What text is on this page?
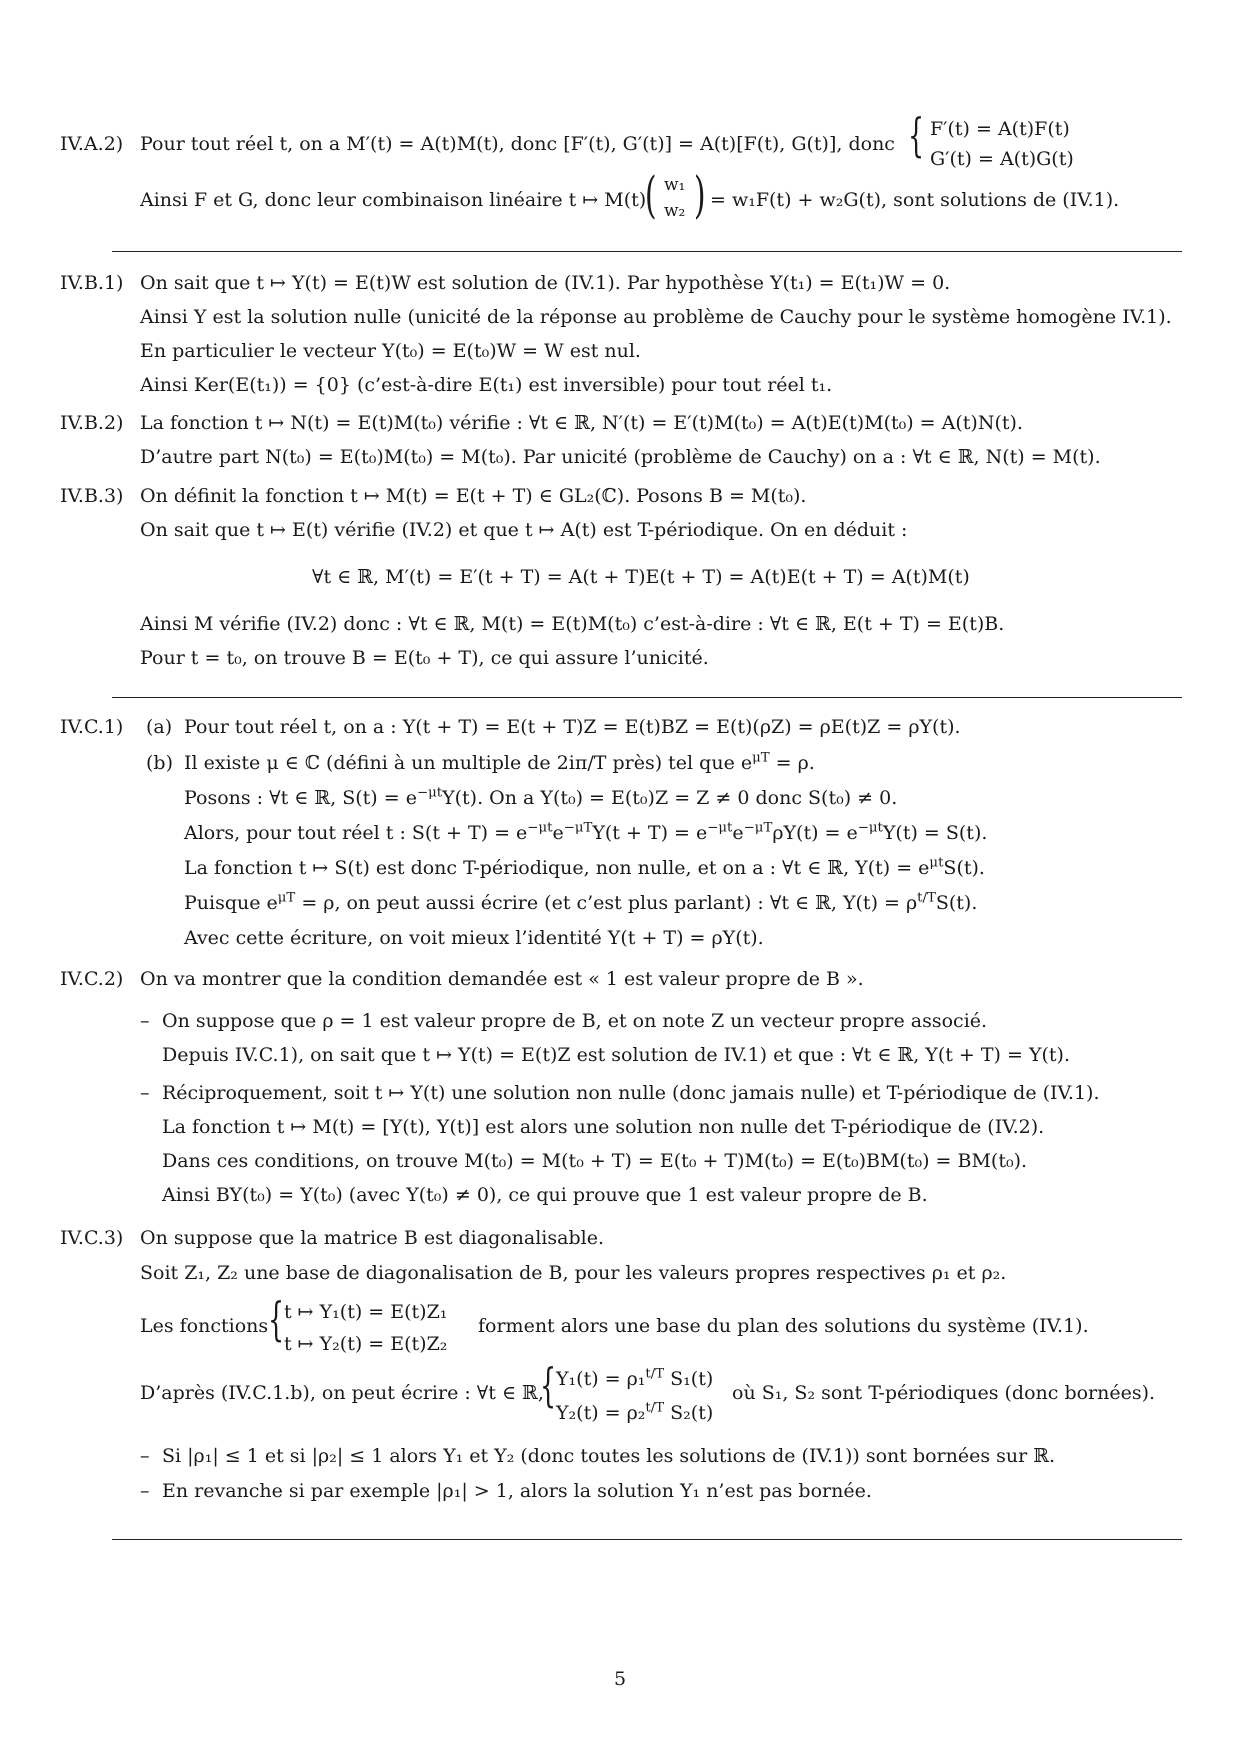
IV.A.2) Pour tout réel t, on a M′(t) = A(t)M(t), donc [F′(t), G′(t)] = A(t)[F(t), G(t)], donc { F′(t) = A(t)F(t)
G′(t) = A(t)G(t)
Ainsi F et G, donc leur combinaison linéaire t ↦ M(t)
( w₁
w₂ ) = w₁F(t) + w₂G(t), sont solutions de (IV.1).
IV.B.1) On sait que t ↦ Y(t) = E(t)W est solution de (IV.1). Par hypothèse Y(t₁) = E(t₁)W = 0.
Ainsi Y est la solution nulle (unicité de la réponse au problème de Cauchy pour le système homogène IV.1).
En particulier le vecteur Y(t₀) = E(t₀)W = W est nul.
Ainsi Ker(E(t₁)) = {0} (c’est-à-dire E(t₁) est inversible) pour tout réel t₁.
IV.B.2) La fonction t ↦ N(t) = E(t)M(t₀) vérifie : ∀t ∈ ℝ, N′(t) = E′(t)M(t₀) = A(t)E(t)M(t₀) = A(t)N(t).
D’autre part N(t₀) = E(t₀)M(t₀) = M(t₀). Par unicité (problème de Cauchy) on a : ∀t ∈ ℝ, N(t) = M(t).
IV.B.3) On définit la fonction t ↦ M(t) = E(t + T) ∈ GL₂(ℂ). Posons B = M(t₀).
On sait que t ↦ E(t) vérifie (IV.2) et que t ↦ A(t) est T-périodique. On en déduit :
∀t ∈ ℝ, M′(t) = E′(t + T) = A(t + T)E(t + T) = A(t)E(t + T) = A(t)M(t)
Ainsi M vérifie (IV.2) donc : ∀t ∈ ℝ, M(t) = E(t)M(t₀) c’est-à-dire : ∀t ∈ ℝ, E(t + T) = E(t)B.
Pour t = t₀, on trouve B = E(t₀ + T), ce qui assure l’unicité.
IV.C.1) (a) Pour tout réel t, on a : Y(t + T) = E(t + T)Z = E(t)BZ = E(t)(ρZ) = ρE(t)Z = ρY(t).
(b) Il existe μ ∈ ℂ (défini à un multiple de 2iπ/T près) tel que $e^{\mu T} = \rho$.
Posons : ∀t ∈ ℝ, $S(t) = e^{-\mu t}Y(t)$. On a Y(t₀) = E(t₀)Z = Z ≠ 0 donc S(t₀) ≠ 0.
Alors, pour tout réel t : $S(t + T) = e^{-\mu t}e^{-\mu T}Y(t + T) = e^{-\mu t}e^{-\mu T}\rho Y(t) = e^{-\mu t}Y(t) = S(t)$.
La fonction t ↦ S(t) est donc T-périodique, non nulle, et on a : ∀t ∈ ℝ, $Y(t) = e^{\mu t}S(t)$.
Puisque $e^{\mu T} = \rho$, on peut aussi écrire (et c’est plus parlant) : ∀t ∈ ℝ, $Y(t) = \rho^{t/T}S(t)$.
Avec cette écriture, on voit mieux l’identité Y(t + T) = ρY(t).
IV.C.2) On va montrer que la condition demandée est « 1 est valeur propre de B ».
– On suppose que ρ = 1 est valeur propre de B, et on note Z un vecteur propre associé.
Depuis IV.C.1), on sait que t ↦ Y(t) = E(t)Z est solution de IV.1) et que : ∀t ∈ ℝ, Y(t + T) = Y(t).
– Réciproquement, soit t ↦ Y(t) une solution non nulle (donc jamais nulle) et T-périodique de (IV.1).
La fonction t ↦ M(t) = [Y(t), Y(t)] est alors une solution non nulle det T-périodique de (IV.2).
Dans ces conditions, on trouve M(t₀) = M(t₀ + T) = E(t₀ + T)M(t₀) = E(t₀)BM(t₀) = BM(t₀).
Ainsi BY(t₀) = Y(t₀) (avec Y(t₀) ≠ 0), ce qui prouve que 1 est valeur propre de B.
IV.C.3) On suppose que la matrice B est diagonalisable.
Soit Z₁, Z₂ une base de diagonalisation de B, pour les valeurs propres respectives ρ₁ et ρ₂.
Les fonctions { t ↦ Y₁(t) = E(t)Z₁
t ↦ Y₂(t) = E(t)Z₂
forment alors une base du plan des solutions du système (IV.1).
D’après (IV.C.1.b), on peut écrire : ∀t ∈ ℝ,
{ Y₁(t) = ρ₁$^{t/T}$ S₁(t)
Y₂(t) = ρ₂$^{t/T}$ S₂(t)
où S₁, S₂ sont T-périodiques (donc bornées).
– Si |ρ₁| ≤ 1 et si |ρ₂| ≤ 1 alors Y₁ et Y₂ (donc toutes les solutions de (IV.1)) sont bornées sur ℝ.
– En revanche si par exemple |ρ₁| > 1, alors la solution Y₁ n’est pas bornée.
5
